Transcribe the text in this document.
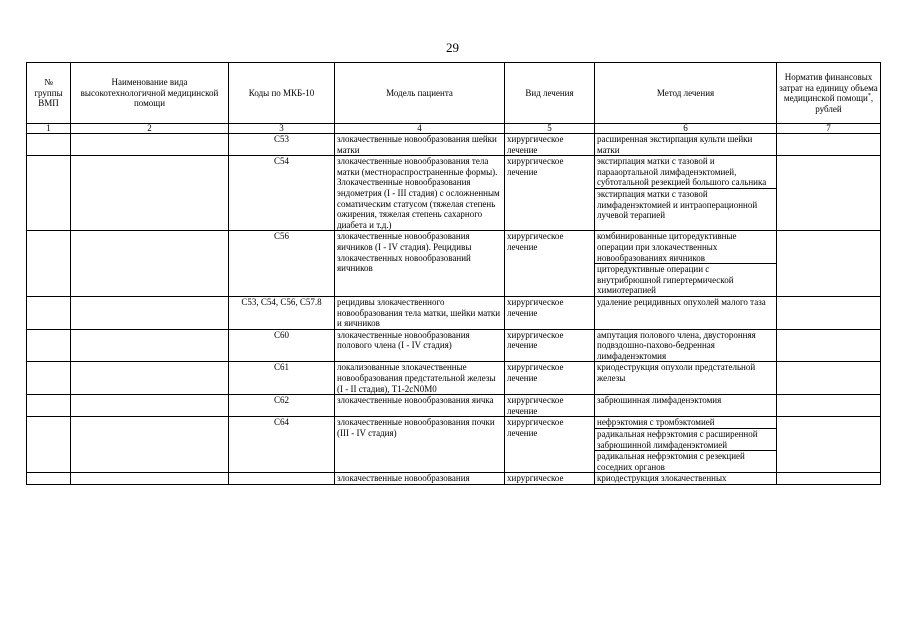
29
№ группы ВМП	Наименование вида высокотехнологичной медицинской помощи	Коды по МКБ-10	Модель пациента	Вид лечения	Метод лечения	Норматив финансовых затрат на единицу объема медицинской помощи*, рублей
1	2	3	4	5	6	7
		С53	злокачественные новообразования шейки матки	хирургическое лечение	расширенная экстирпация культи шейки матки	

		С54	злокачественные новообразования тела матки (местнораспространенные формы). Злокачественные новообразования эндометрия (I - III стадия) с осложненным соматическим статусом (тяжелая степень ожирения, тяжелая степень сахарного диабета и т.д.)	хирургическое лечение	экстирпация матки с тазовой и парааортальной лимфаденэктомией, субтотальной резекцией большого сальника
экстирпация матки с тазовой лимфаденэктомией и интраоперационной лучевой терапией	

		С56	злокачественные новообразования яичников (I - IV стадия). Рецидивы злокачественных новообразований яичников	хирургическое лечение	комбинированные циторедуктивные операции при злокачественных новообразованиях яичников
циторедуктивные операции с внутрибрюшной гипертермической химиотерапией	

		С53, С54, С56, С57.8	рецидивы злокачественного новообразования тела матки, шейки матки и яичников	хирургическое лечение	удаление рецидивных опухолей малого таза	

		С60	злокачественные новообразования полового члена (I - IV стадия)	хирургическое лечение	ампутация полового члена, двусторонняя подвздошно-пахово-бедренная лимфаденэктомия	

		С61	локализованные злокачественные новообразования предстательной железы (I - II стадия), Т1-2cN0M0	хирургическое лечение	криодеструкция опухоли предстательной железы	

		С62	злокачественные новообразования яичка	хирургическое лечение	забрюшинная лимфаденэктомия	

		С64	злокачественные новообразования почки (III - IV стадия)	хирургическое лечение	нефрэктомия с тромбэктомией
радикальная нефрэктомия с расширенной забрюшинной лимфаденэктомией
радикальная нефрэктомия с резекцией соседних органов	

			злокачественные новообразования	хирургическое	криодеструкция злокачественных	
